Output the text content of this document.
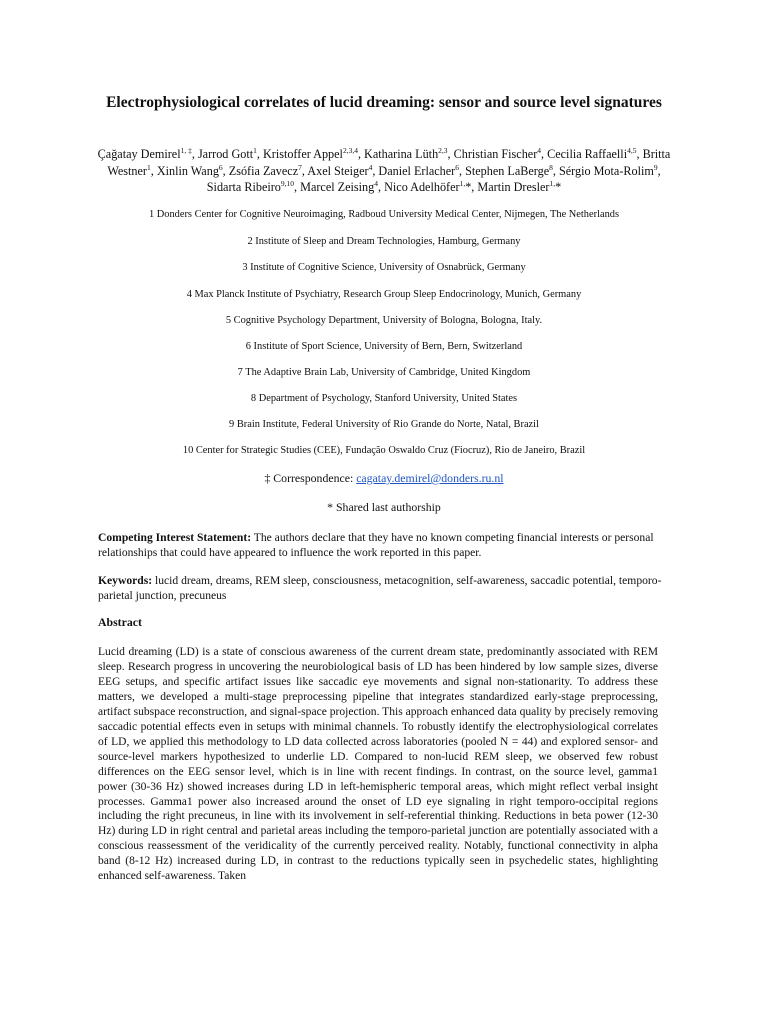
Electrophysiological correlates of lucid dreaming: sensor and source level signatures
Çağatay Demirel$^{1, \ddagger}$, Jarrod Gott$^1$, Kristoffer Appel$^{2,3,4}$, Katharina Lüth$^{2,3}$, Christian Fischer$^4$, Cecilia Raffaelli$^{4,5}$, Britta Westner$^1$, Xinlin Wang$^6$, Zsófia Zavecz$^7$, Axel Steiger$^4$, Daniel Erlacher$^6$, Stephen LaBerge$^8$, Sérgio Mota-Rolim$^9$, Sidarta Ribeiro$^{9,10}$, Marcel Zeising$^4$, Nico Adelhöfer$^{1,}$*, Martin Dresler$^{1,}$*
1 Donders Center for Cognitive Neuroimaging, Radboud University Medical Center, Nijmegen, The Netherlands
2 Institute of Sleep and Dream Technologies, Hamburg, Germany
3 Institute of Cognitive Science, University of Osnabrück, Germany
4 Max Planck Institute of Psychiatry, Research Group Sleep Endocrinology, Munich, Germany
5 Cognitive Psychology Department, University of Bologna, Bologna, Italy.
6 Institute of Sport Science, University of Bern, Bern, Switzerland
7 The Adaptive Brain Lab, University of Cambridge, United Kingdom
8 Department of Psychology, Stanford University, United States
9 Brain Institute, Federal University of Rio Grande do Norte, Natal, Brazil
10 Center for Strategic Studies (CEE), Fundação Oswaldo Cruz (Fiocruz), Rio de Janeiro, Brazil
‡ Correspondence: cagatay.demirel@donders.ru.nl
* Shared last authorship
Competing Interest Statement: The authors declare that they have no known competing financial interests or personal relationships that could have appeared to influence the work reported in this paper.
Keywords: lucid dream, dreams, REM sleep, consciousness, metacognition, self-awareness, saccadic potential, temporo-parietal junction, precuneus
Abstract
Lucid dreaming (LD) is a state of conscious awareness of the current dream state, predominantly associated with REM sleep. Research progress in uncovering the neurobiological basis of LD has been hindered by low sample sizes, diverse EEG setups, and specific artifact issues like saccadic eye movements and signal non-stationarity. To address these matters, we developed a multi-stage preprocessing pipeline that integrates standardized early-stage preprocessing, artifact subspace reconstruction, and signal-space projection. This approach enhanced data quality by precisely removing saccadic potential effects even in setups with minimal channels. To robustly identify the electrophysiological correlates of LD, we applied this methodology to LD data collected across laboratories (pooled N = 44) and explored sensor- and source-level markers hypothesized to underlie LD. Compared to non-lucid REM sleep, we observed few robust differences on the EEG sensor level, which is in line with recent findings. In contrast, on the source level, gamma1 power (30-36 Hz) showed increases during LD in left-hemispheric temporal areas, which might reflect verbal insight processes. Gamma1 power also increased around the onset of LD eye signaling in right temporo-occipital regions including the right precuneus, in line with its involvement in self-referential thinking. Reductions in beta power (12-30 Hz) during LD in right central and parietal areas including the temporo-parietal junction are potentially associated with a conscious reassessment of the veridicality of the currently perceived reality. Notably, functional connectivity in alpha band (8-12 Hz) increased during LD, in contrast to the reductions typically seen in psychedelic states, highlighting enhanced self-awareness. Taken
